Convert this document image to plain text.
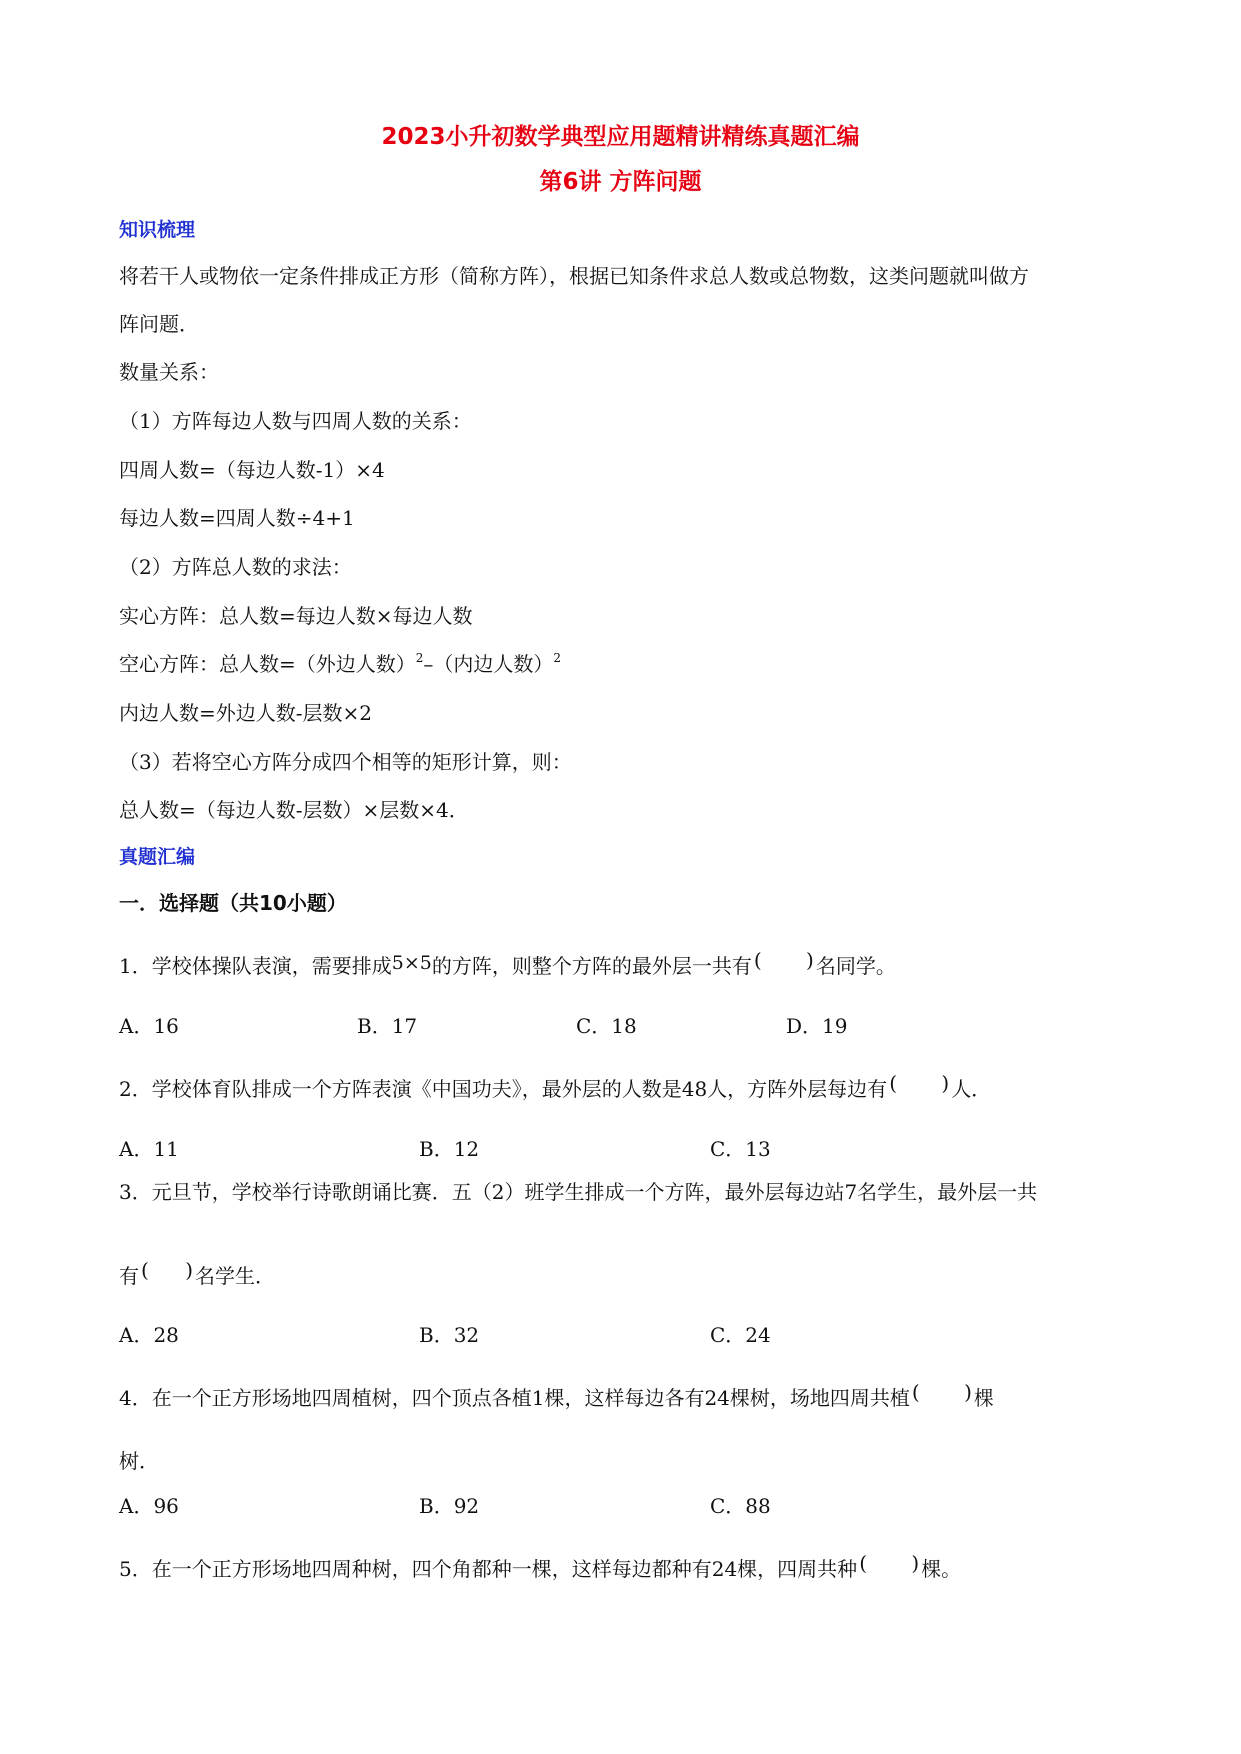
2023小升初数学典型应用题精讲精练真题汇编
第6讲 方阵问题
知识梳理
将若干人或物依一定条件排成正方形（简称方阵），根据已知条件求总人数或总物数，这类问题就叫做方
阵问题．
数量关系：
（1）方阵每边人数与四周人数的关系：
四周人数=（每边人数-1）×4
每边人数=四周人数÷4+1
（2）方阵总人数的求法：
实心方阵：总人数=每边人数×每边人数
空心方阵：总人数=（外边人数）$^2$–（内边人数）$^2$
内边人数=外边人数-层数×2
（3）若将空心方阵分成四个相等的矩形计算，则：
总人数=（每边人数-层数）×层数×4．
真题汇编
一．选择题（共10小题）
1．学校体操队表演，需要排成5×5的方阵，则整个方阵的最外层一共有 ( ) 名同学。
A．16	B．17	C．18	D．19
2．学校体育队排成一个方阵表演《中国功夫》，最外层的人数是48人，方阵外层每边有 ( ) 人．
A．11	B．12	C．13
3．元旦节，学校举行诗歌朗诵比赛．五（2）班学生排成一个方阵，最外层每边站7名学生，最外层一共
有 ( ) 名学生．
A．28	B．32	C．24
4．在一个正方形场地四周植树，四个顶点各植1棵，这样每边各有24棵树，场地四周共植 ( ) 棵
树．
A．96	B．92	C．88
5．在一个正方形场地四周种树，四个角都种一棵，这样每边都种有24棵，四周共种 ( ) 棵。
